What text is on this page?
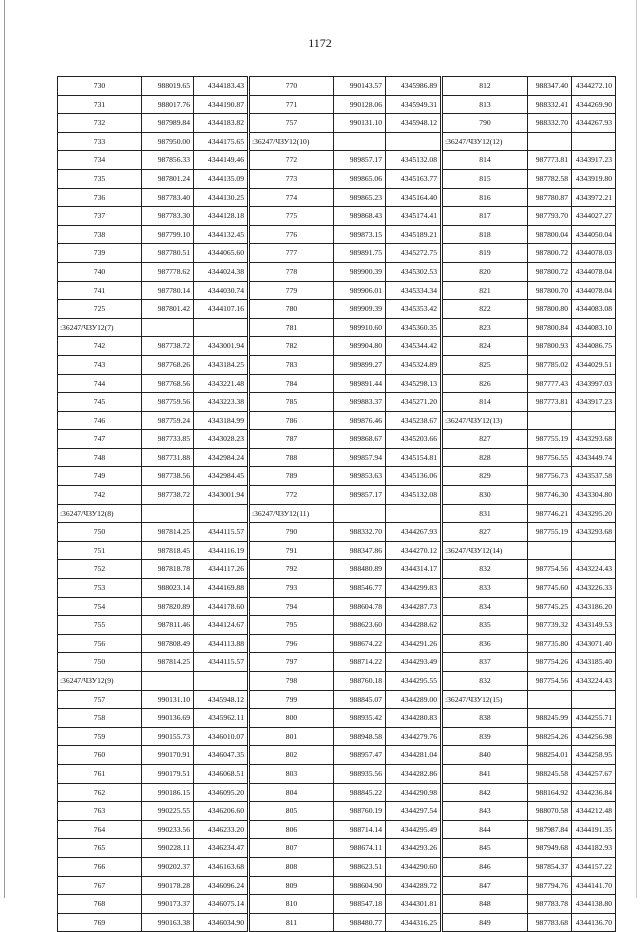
1172
730	988019.65	4344183.43	770	990143.57	4345986.89	812	988347.40	4344272.10
731	988017.76	4344190.87	771	990128.06	4345949.31	813	988332.41	4344269.90
732	987989.84	4344183.82	757	990131.10	4345948.12	790	988332.70	4344267.93
733	987950.00	4344175.65	:36247/ЧЗУ12(10)			:36247/ЧЗУ12(12)		
734	987856.33	4344149.46	772	989857.17	4345132.08	814	987773.81	4343917.23
735	987801.24	4344135.09	773	989865.06	4345163.77	815	987782.58	4343919.80
736	987783.40	4344130.25	774	989865.23	4345164.40	816	987780.87	4343972.21
737	987783.30	4344128.18	775	989868.43	4345174.41	817	987793.70	4344027.27
738	987799.10	4344132.45	776	989873.15	4345189.21	818	987800.04	4344050.04
739	987780.51	4344065.60	777	989891.75	4345272.75	819	987800.72	4344078.03
740	987778.62	4344024.38	778	989900.39	4345302.53	820	987800.72	4344078.04
741	987780.14	4344030.74	779	989906.01	4345334.34	821	987800.70	4344078.04
725	987801.42	4344107.16	780	989909.39	4345353.42	822	987800.80	4344083.08
:36247/ЧЗУ12(7)			781	989910.60	4345360.35	823	987800.84	4344083.10
742	987738.72	4343001.94	782	989904.80	4345344.42	824	987800.93	4344086.75
743	987768.26	4343184.25	783	989899.27	4345324.89	825	987785.02	4344029.51
744	987768.56	4343221.48	784	989891.44	4345298.13	826	987777.43	4343997.03
745	987759.56	4343223.38	785	989883.37	4345271.20	814	987773.81	4343917.23
746	987759.24	4343184.99	786	989876.46	4345238.67	:36247/ЧЗУ12(13)		
747	987733.85	4343028.23	787	989868.67	4345203.66	827	987755.19	4343293.68
748	987731.88	4342984.24	788	989857.94	4345154.81	828	987756.55	4343449.74
749	987738.56	4342984.45	789	989853.63	4345136.06	829	987756.73	4343537.58
742	987738.72	4343001.94	772	989857.17	4345132.08	830	987746.30	4343304.80
:36247/ЧЗУ12(8)			:36247/ЧЗУ12(11)			831	987746.21	4343295.20
750	987814.25	4344115.57	790	988332.70	4344267.93	827	987755.19	4343293.68
751	987818.45	4344116.19	791	988347.86	4344270.12	:36247/ЧЗУ12(14)		
752	987818.78	4344117.26	792	988480.89	4344314.17	832	987754.56	4343224.43
753	988023.14	4344169.88	793	988546.77	4344299.83	833	987745.60	4343226.33
754	987820.89	4344178.60	794	988604.78	4344287.73	834	987745.25	4343186.20
755	987811.46	4344124.67	795	988623.60	4344288.62	835	987739.32	4343149.53
756	987808.49	4344113.88	796	988674.22	4344291.26	836	987735.80	4343071.40
750	987814.25	4344115.57	797	988714.22	4344293.49	837	987754.26	4343185.40
:36247/ЧЗУ12(9)			798	988760.18	4344295.55	832	987754.56	4343224.43
757	990131.10	4345948.12	799	988845.07	4344289.00	:36247/ЧЗУ12(15)		
758	990136.69	4345962.11	800	988935.42	4344280.83	838	988245.99	4344255.71
759	990155.73	4346010.07	801	988948.58	4344279.76	839	988254.26	4344256.98
760	990170.91	4346047.35	802	988957.47	4344281.04	840	988254.01	4344258.95
761	990179.51	4346068.51	803	988935.56	4344282.86	841	988245.58	4344257.67
762	990186.15	4346095.20	804	988845.22	4344290.98	842	988164.92	4344236.84
763	990225.55	4346206.60	805	988760.19	4344297.54	843	988070.58	4344212.48
764	990233.56	4346233.20	806	988714.14	4344295.49	844	987987.84	4344191.35
765	990228.11	4346234.47	807	988674.11	4344293.26	845	987949.68	4344182.93
766	990202.37	4346163.68	808	988623.51	4344290.60	846	987854.37	4344157.22
767	990178.28	4346096.24	809	988604.90	4344289.72	847	987794.76	4344141.70
768	990173.37	4346075.14	810	988547.18	4344301.81	848	987783.78	4344138.80
769	990163.38	4346034.90	811	988480.77	4344316.25	849	987783.68	4344136.70
